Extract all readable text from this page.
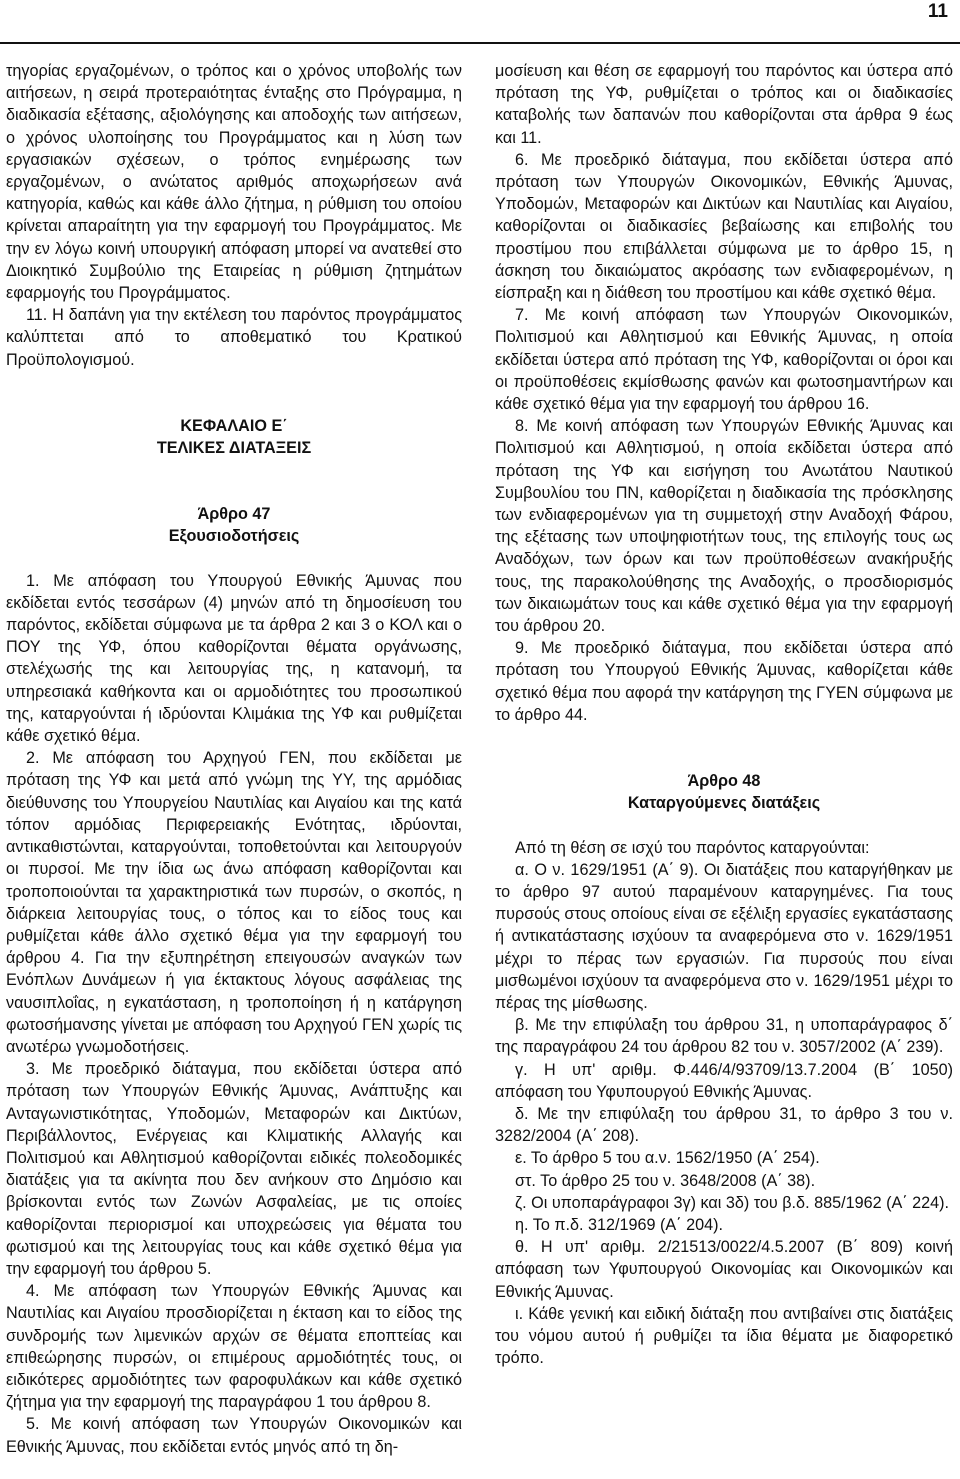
11

τηγορίας εργαζομένων, ο τρόπος και ο χρόνος υποβολής των αιτήσεων, η σειρά προτεραιότητας ένταξης στο Πρόγραμμα, η διαδικασία εξέτασης, αξιολόγησης και αποδοχής των αιτήσεων, ο χρόνος υλοποίησης του Προγράμματος και η λύση των εργασιακών σχέσεων, ο τρόπος ενημέρωσης των εργαζομένων, ο ανώτατος αριθμός αποχωρήσεων ανά κατηγορία, καθώς και κάθε άλλο ζήτημα, η ρύθμιση του οποίου κρίνεται απαραίτητη για την εφαρμογή του Προγράμματος. Με την εν λόγω κοινή υπουργική απόφαση μπορεί να ανατεθεί στο Διοικητικό Συμβούλιο της Εταιρείας η ρύθμιση ζητημάτων εφαρμογής του Προγράμματος.

11. Η δαπάνη για την εκτέλεση του παρόντος προγράμματος καλύπτεται από το αποθεματικό του Κρατικού Προϋπολογισμού.

ΚΕΦΑΛΑΙΟ Ε΄
ΤΕΛΙΚΕΣ ΔΙΑΤΑΞΕΙΣ
Άρθρο 47
Εξουσιοδοτήσεις

1. Με απόφαση του Υπουργού Εθνικής Άμυνας που εκδίδεται εντός τεσσάρων (4) μηνών από τη δημοσίευση του παρόντος, εκδίδεται σύμφωνα με τα άρθρα 2 και 3 ο ΚΟΛ και ο ΠΟΥ της ΥΦ, όπου καθορίζονται θέματα οργάνωσης, στελέχωσής της και λειτουργίας της, η κατανομή, τα υπηρεσιακά καθήκοντα και οι αρμοδιότητες του προσωπικού της, καταργούνται ή ιδρύονται Κλιμάκια της ΥΦ και ρυθμίζεται κάθε σχετικό θέμα.

2. Με απόφαση του Αρχηγού ΓΕΝ, που εκδίδεται με πρόταση της ΥΦ και μετά από γνώμη της ΥΥ, της αρμόδιας διεύθυνσης του Υπουργείου Ναυτιλίας και Αιγαίου και της κατά τόπον αρμόδιας Περιφερειακής Ενότητας, ιδρύονται, αντικαθιστώνται, καταργούνται, τοποθετούνται και λειτουργούν οι πυρσοί. Με την ίδια ως άνω απόφαση καθορίζονται και τροποποιούνται τα χαρακτηριστικά των πυρσών, ο σκοπός, η διάρκεια λειτουργίας τους, ο τόπος και το είδος τους και ρυθμίζεται κάθε άλλο σχετικό θέμα για την εφαρμογή του άρθρου 4. Για την εξυπηρέτηση επειγουσών αναγκών των Ενόπλων Δυνάμεων ή για έκτακτους λόγους ασφάλειας της ναυσιπλοΐας, η εγκατάσταση, η τροποποίηση ή η κατάργηση φωτοσήμανσης γίνεται με απόφαση του Αρχηγού ΓΕΝ χωρίς τις ανωτέρω γνωμοδοτήσεις.

3. Με προεδρικό διάταγμα, που εκδίδεται ύστερα από πρόταση των Υπουργών Εθνικής Άμυνας, Ανάπτυξης και Ανταγωνιστικότητας, Υποδομών, Μεταφορών και Δικτύων, Περιβάλλοντος, Ενέργειας και Κλιματικής Αλλαγής και Πολιτισμού και Αθλητισμού καθορίζονται ειδικές πολεοδομικές διατάξεις για τα ακίνητα που δεν ανήκουν στο Δημόσιο και βρίσκονται εντός των Ζωνών Ασφαλείας, με τις οποίες καθορίζονται περιορισμοί και υποχρεώσεις για θέματα του φωτισμού και της λειτουργίας τους και κάθε σχετικό θέμα για την εφαρμογή του άρθρου 5.

4. Με απόφαση των Υπουργών Εθνικής Άμυνας και Ναυτιλίας και Αιγαίου προσδιορίζεται η έκταση και το είδος της συνδρομής των λιμενικών αρχών σε θέματα εποπτείας και επιθεώρησης πυρσών, οι επιμέρους αρμοδιότητές τους, οι ειδικότερες αρμοδιότητες των φαροφυλάκων και κάθε σχετικό ζήτημα για την εφαρμογή της παραγράφου 1 του άρθρου 8.

5. Με κοινή απόφαση των Υπουργών Οικονομικών και Εθνικής Άμυνας, που εκδίδεται εντός μηνός από τη δη-

μοσίευση και θέση σε εφαρμογή του παρόντος και ύστερα από πρόταση της ΥΦ, ρυθμίζεται ο τρόπος και οι διαδικασίες καταβολής των δαπανών που καθορίζονται στα άρθρα 9 έως και 11.

6. Με προεδρικό διάταγμα, που εκδίδεται ύστερα από πρόταση των Υπουργών Οικονομικών, Εθνικής Άμυνας, Υποδομών, Μεταφορών και Δικτύων και Ναυτιλίας και Αιγαίου, καθορίζονται οι διαδικασίες βεβαίωσης και επιβολής του προστίμου που επιβάλλεται σύμφωνα με το άρθρο 15, η άσκηση του δικαιώματος ακρόασης των ενδιαφερομένων, η είσπραξη και η διάθεση του προστίμου και κάθε σχετικό θέμα.

7. Με κοινή απόφαση των Υπουργών Οικονομικών, Πολιτισμού και Αθλητισμού και Εθνικής Άμυνας, η οποία εκδίδεται ύστερα από πρόταση της ΥΦ, καθορίζονται οι όροι και οι προϋποθέσεις εκμίσθωσης φανών και φωτοσημαντήρων και κάθε σχετικό θέμα για την εφαρμογή του άρθρου 16.

8. Με κοινή απόφαση των Υπουργών Εθνικής Άμυνας και Πολιτισμού και Αθλητισμού, η οποία εκδίδεται ύστερα από πρόταση της ΥΦ και εισήγηση του Ανωτάτου Ναυτικού Συμβουλίου του ΠΝ, καθορίζεται η διαδικασία της πρόσκλησης των ενδιαφερομένων για τη συμμετοχή στην Αναδοχή Φάρου, της εξέτασης των υποψηφιοτήτων τους, της επιλογής τους ως Αναδόχων, των όρων και των προϋποθέσεων ανακήρυξής τους, της παρακολούθησης της Αναδοχής, ο προσδιορισμός των δικαιωμάτων τους και κάθε σχετικό θέμα για την εφαρμογή του άρθρου 20.

9. Με προεδρικό διάταγμα, που εκδίδεται ύστερα από πρόταση του Υπουργού Εθνικής Άμυνας, καθορίζεται κάθε σχετικό θέμα που αφορά την κατάργηση της ΓΥΕΝ σύμφωνα με το άρθρο 44.

Άρθρο 48
Καταργούμενες διατάξεις

Από τη θέση σε ισχύ του παρόντος καταργούνται:

α. Ο ν. 1629/1951 (Α΄ 9). Οι διατάξεις που καταργήθηκαν με το άρθρο 97 αυτού παραμένουν καταργημένες. Για τους πυρσούς στους οποίους είναι σε εξέλιξη εργασίες εγκατάστασης ή αντικατάστασης ισχύουν τα αναφερόμενα στο ν. 1629/1951 μέχρι το πέρας των εργασιών. Για πυρσούς που είναι μισθωμένοι ισχύουν τα αναφερόμενα στο ν. 1629/1951 μέχρι το πέρας της μίσθωσης.

β. Με την επιφύλαξη του άρθρου 31, η υποπαράγραφος δ΄ της παραγράφου 24 του άρθρου 82 του ν. 3057/2002 (Α΄ 239).

γ. Η υπ' αριθμ. Φ.446/4/93709/13.7.2004 (Β΄ 1050) απόφαση του Υφυπουργού Εθνικής Άμυνας.

δ. Με την επιφύλαξη του άρθρου 31, το άρθρο 3 του ν. 3282/2004 (Α΄ 208).

ε. Το άρθρο 5 του α.ν. 1562/1950 (Α΄ 254).

στ. Το άρθρο 25 του ν. 3648/2008 (Α΄ 38).

ζ. Οι υποπαράγραφοι 3γ) και 3δ) του β.δ. 885/1962 (Α΄ 224).

η. Το π.δ. 312/1969 (Α΄ 204).

θ. Η υπ' αριθμ. 2/21513/0022/4.5.2007 (Β΄ 809) κοινή απόφαση των Υφυπουργού Οικονομίας και Οικονομικών και Εθνικής Άμυνας.

ι. Κάθε γενική και ειδική διάταξη που αντιβαίνει στις διατάξεις του νόμου αυτού ή ρυθμίζει τα ίδια θέματα με διαφορετικό τρόπο.
